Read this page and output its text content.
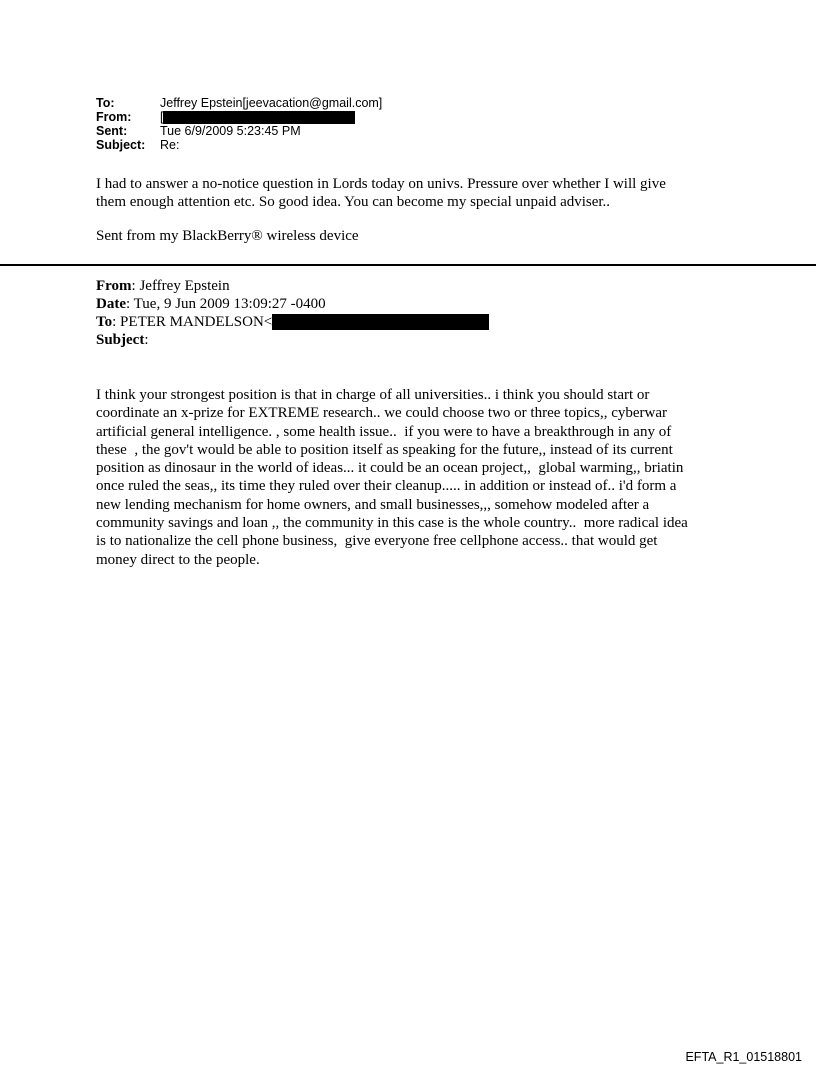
To:	Jeffrey Epstein[jeevacation@gmail.com]
From:	[
Sent:	Tue 6/9/2009 5:23:45 PM
Subject:	Re:
I had to answer a no-notice question in Lords today on univs. Pressure over whether I will give
them enough attention etc. So good idea. You can become my special unpaid adviser..
Sent from my BlackBerry® wireless device
From : Jeffrey Epstein
Date : Tue, 9 Jun 2009 13:09:27 -0400
To : PETER MANDELSON<
Subject :
I think your strongest position is that in charge of all universities.. i think you should start or
coordinate an x-prize for EXTREME research.. we could choose two or three topics,, cyberwar
artificial general intelligence. , some health issue..  if you were to have a breakthrough in any of
these  , the gov't would be able to position itself as speaking for the future,, instead of its current
position as dinosaur in the world of ideas... it could be an ocean project,,  global warming,, briatin
once ruled the seas,, its time they ruled over their cleanup..... in addition or instead of.. i'd form a
new lending mechanism for home owners, and small businesses,,, somehow modeled after a
community savings and loan ,, the community in this case is the whole country..  more radical idea
is to nationalize the cell phone business,  give everyone free cellphone access.. that would get
money direct to the people.
EFTA_R1_01518801
